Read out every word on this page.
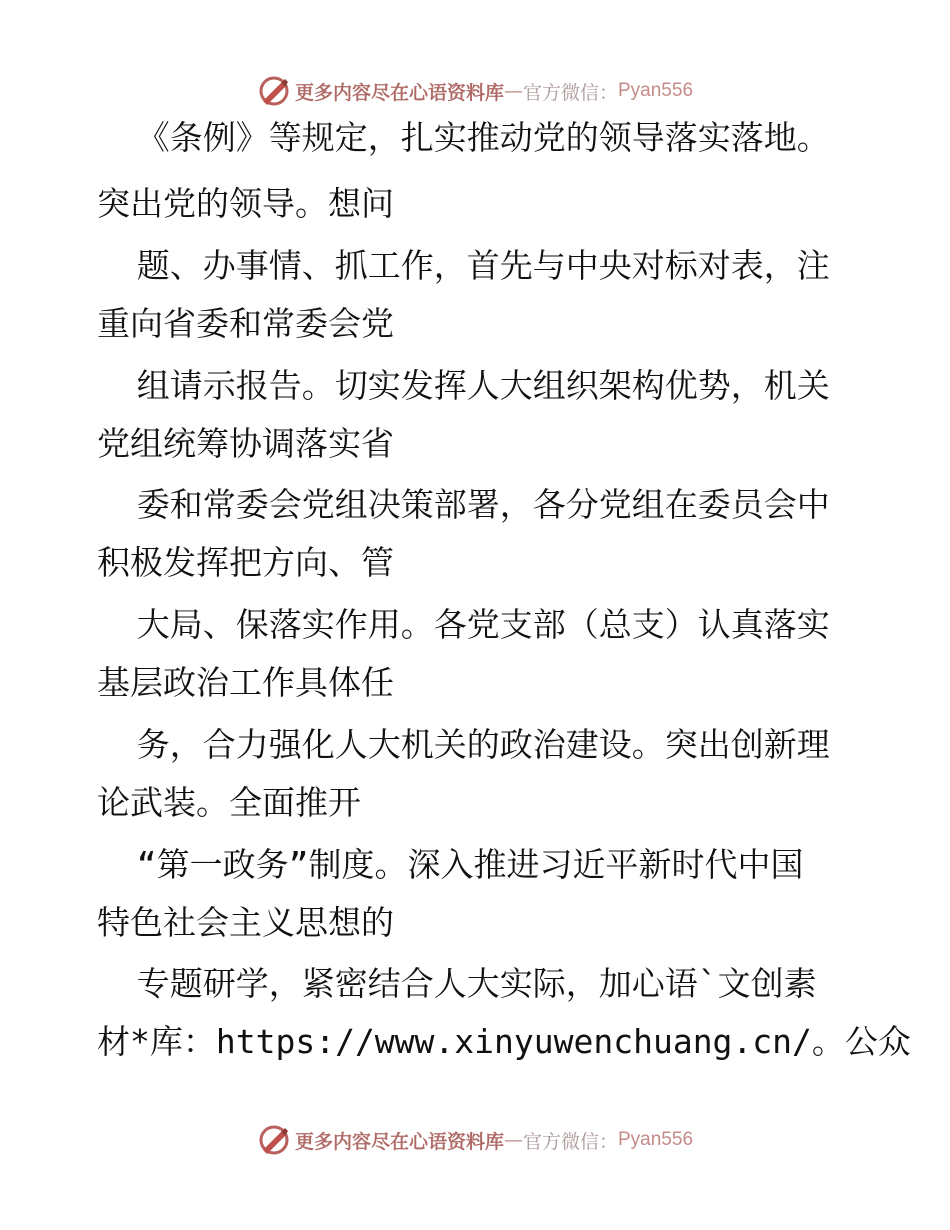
更多内容尽在心语资料库 — 官方微信： Pyan556
《条例》等规定，扎实推动党的领导落实落地。
突出党的领导。想问
题、办事情、抓工作，首先与中央对标对表，注
重向省委和常委会党
组请示报告。切实发挥人大组织架构优势，机关
党组统筹协调落实省
委和常委会党组决策部署，各分党组在委员会中
积极发挥把方向、管
大局、保落实作用。各党支部（总支）认真落实
基层政治工作具体任
务，合力强化人大机关的政治建设。突出创新理
论武装。全面推开
“第一政务”制度。深入推进习近平新时代中国
特色社会主义思想的
专题研学，紧密结合人大实际，加心语`文创素
材*库：https://www.xinyuwenchuang.cn/。公众
更多内容尽在心语资料库 — 官方微信： Pyan556
